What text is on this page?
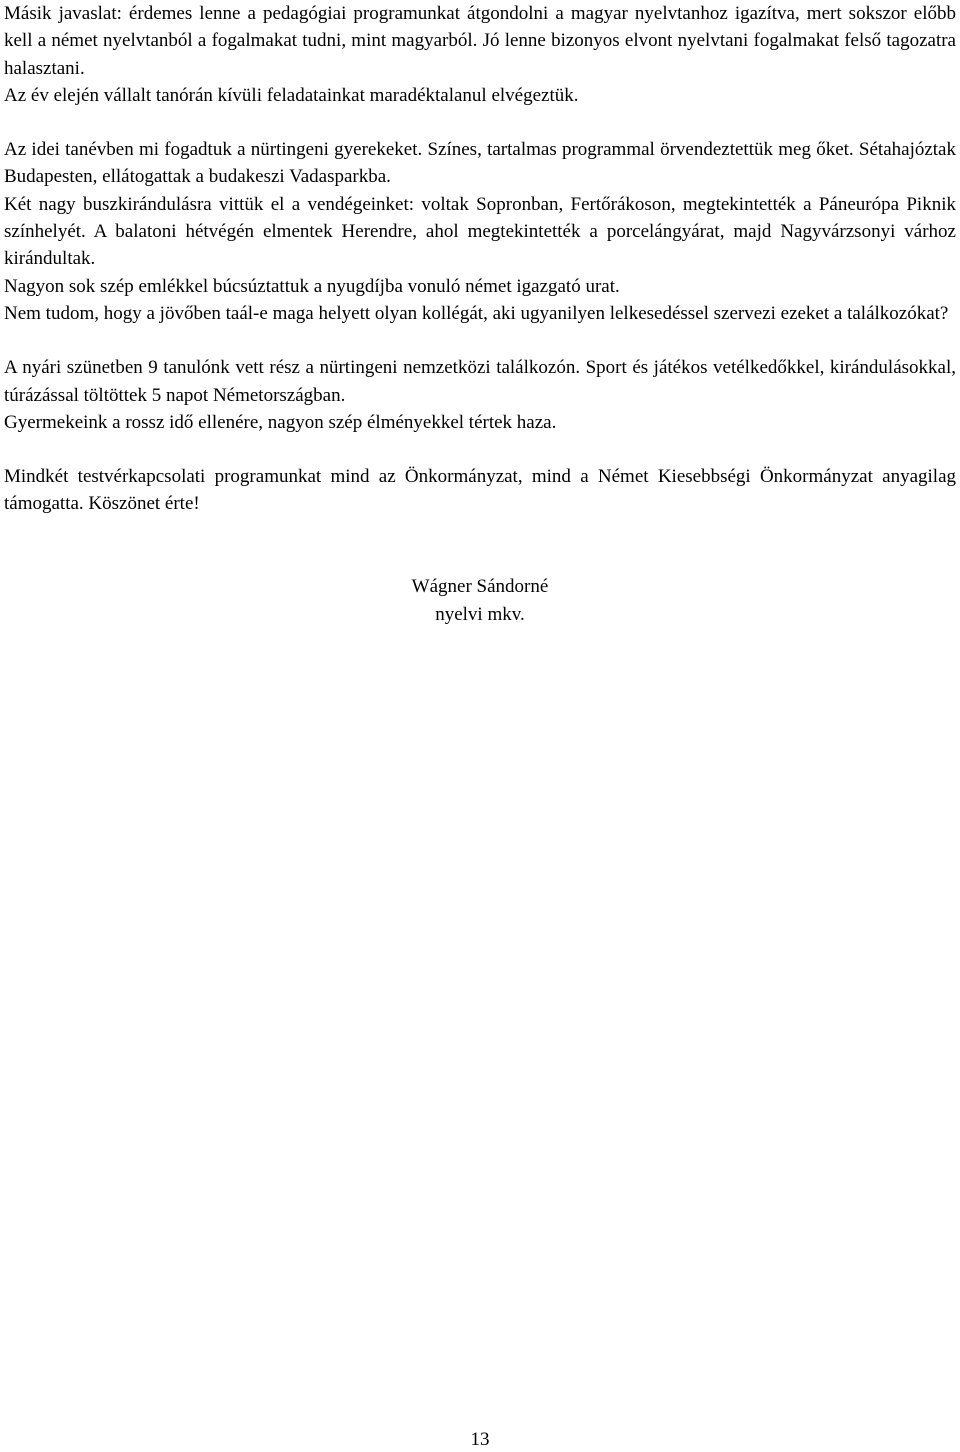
Másik javaslat: érdemes lenne a pedagógiai programunkat átgondolni a magyar nyelvtanhoz igazítva, mert sokszor előbb kell a német nyelvtanból a fogalmakat tudni, mint magyarból. Jó lenne bizonyos elvont nyelvtani fogalmakat felső tagozatra halasztani.

Az év elején vállalt tanórán kívüli feladatainkat maradéktalanul elvégeztük.

Az idei tanévben mi fogadtuk a nürtingeni gyerekeket. Színes, tartalmas programmal örvendeztettük meg őket. Sétahajóztak Budapesten, ellátogattak a budakeszi Vadasparkba.

Két nagy buszkirándulásra vittük el a vendégeinket: voltak Sopronban, Fertőrákoson, megtekintették a Páneurópa Piknik színhelyét. A balatoni hétvégén elmentek Herendre, ahol megtekintették a porcelángyárat, majd Nagyvárzsonyi várhoz kirándultak.

Nagyon sok szép emlékkel búcsúztattuk a nyugdíjba vonuló német igazgató urat.

Nem tudom, hogy a jövőben taál-e maga helyett olyan kollégát, aki ugyanilyen lelkesedéssel szervezi ezeket a találkozókat?

A nyári szünetben 9 tanulónk vett rész a nürtingeni nemzetközi találkozón. Sport és játékos vetélkedőkkel, kirándulásokkal, túrázással töltöttek 5 napot Németországban.

Gyermekeink a rossz idő ellenére, nagyon szép élményekkel tértek haza.

Mindkét testvérkapcsolati programunkat mind az Önkormányzat, mind a Német Kiesebbségi Önkormányzat anyagilag támogatta. Köszönet érte!

Wágner Sándorné
nyelvi mkv.
13
